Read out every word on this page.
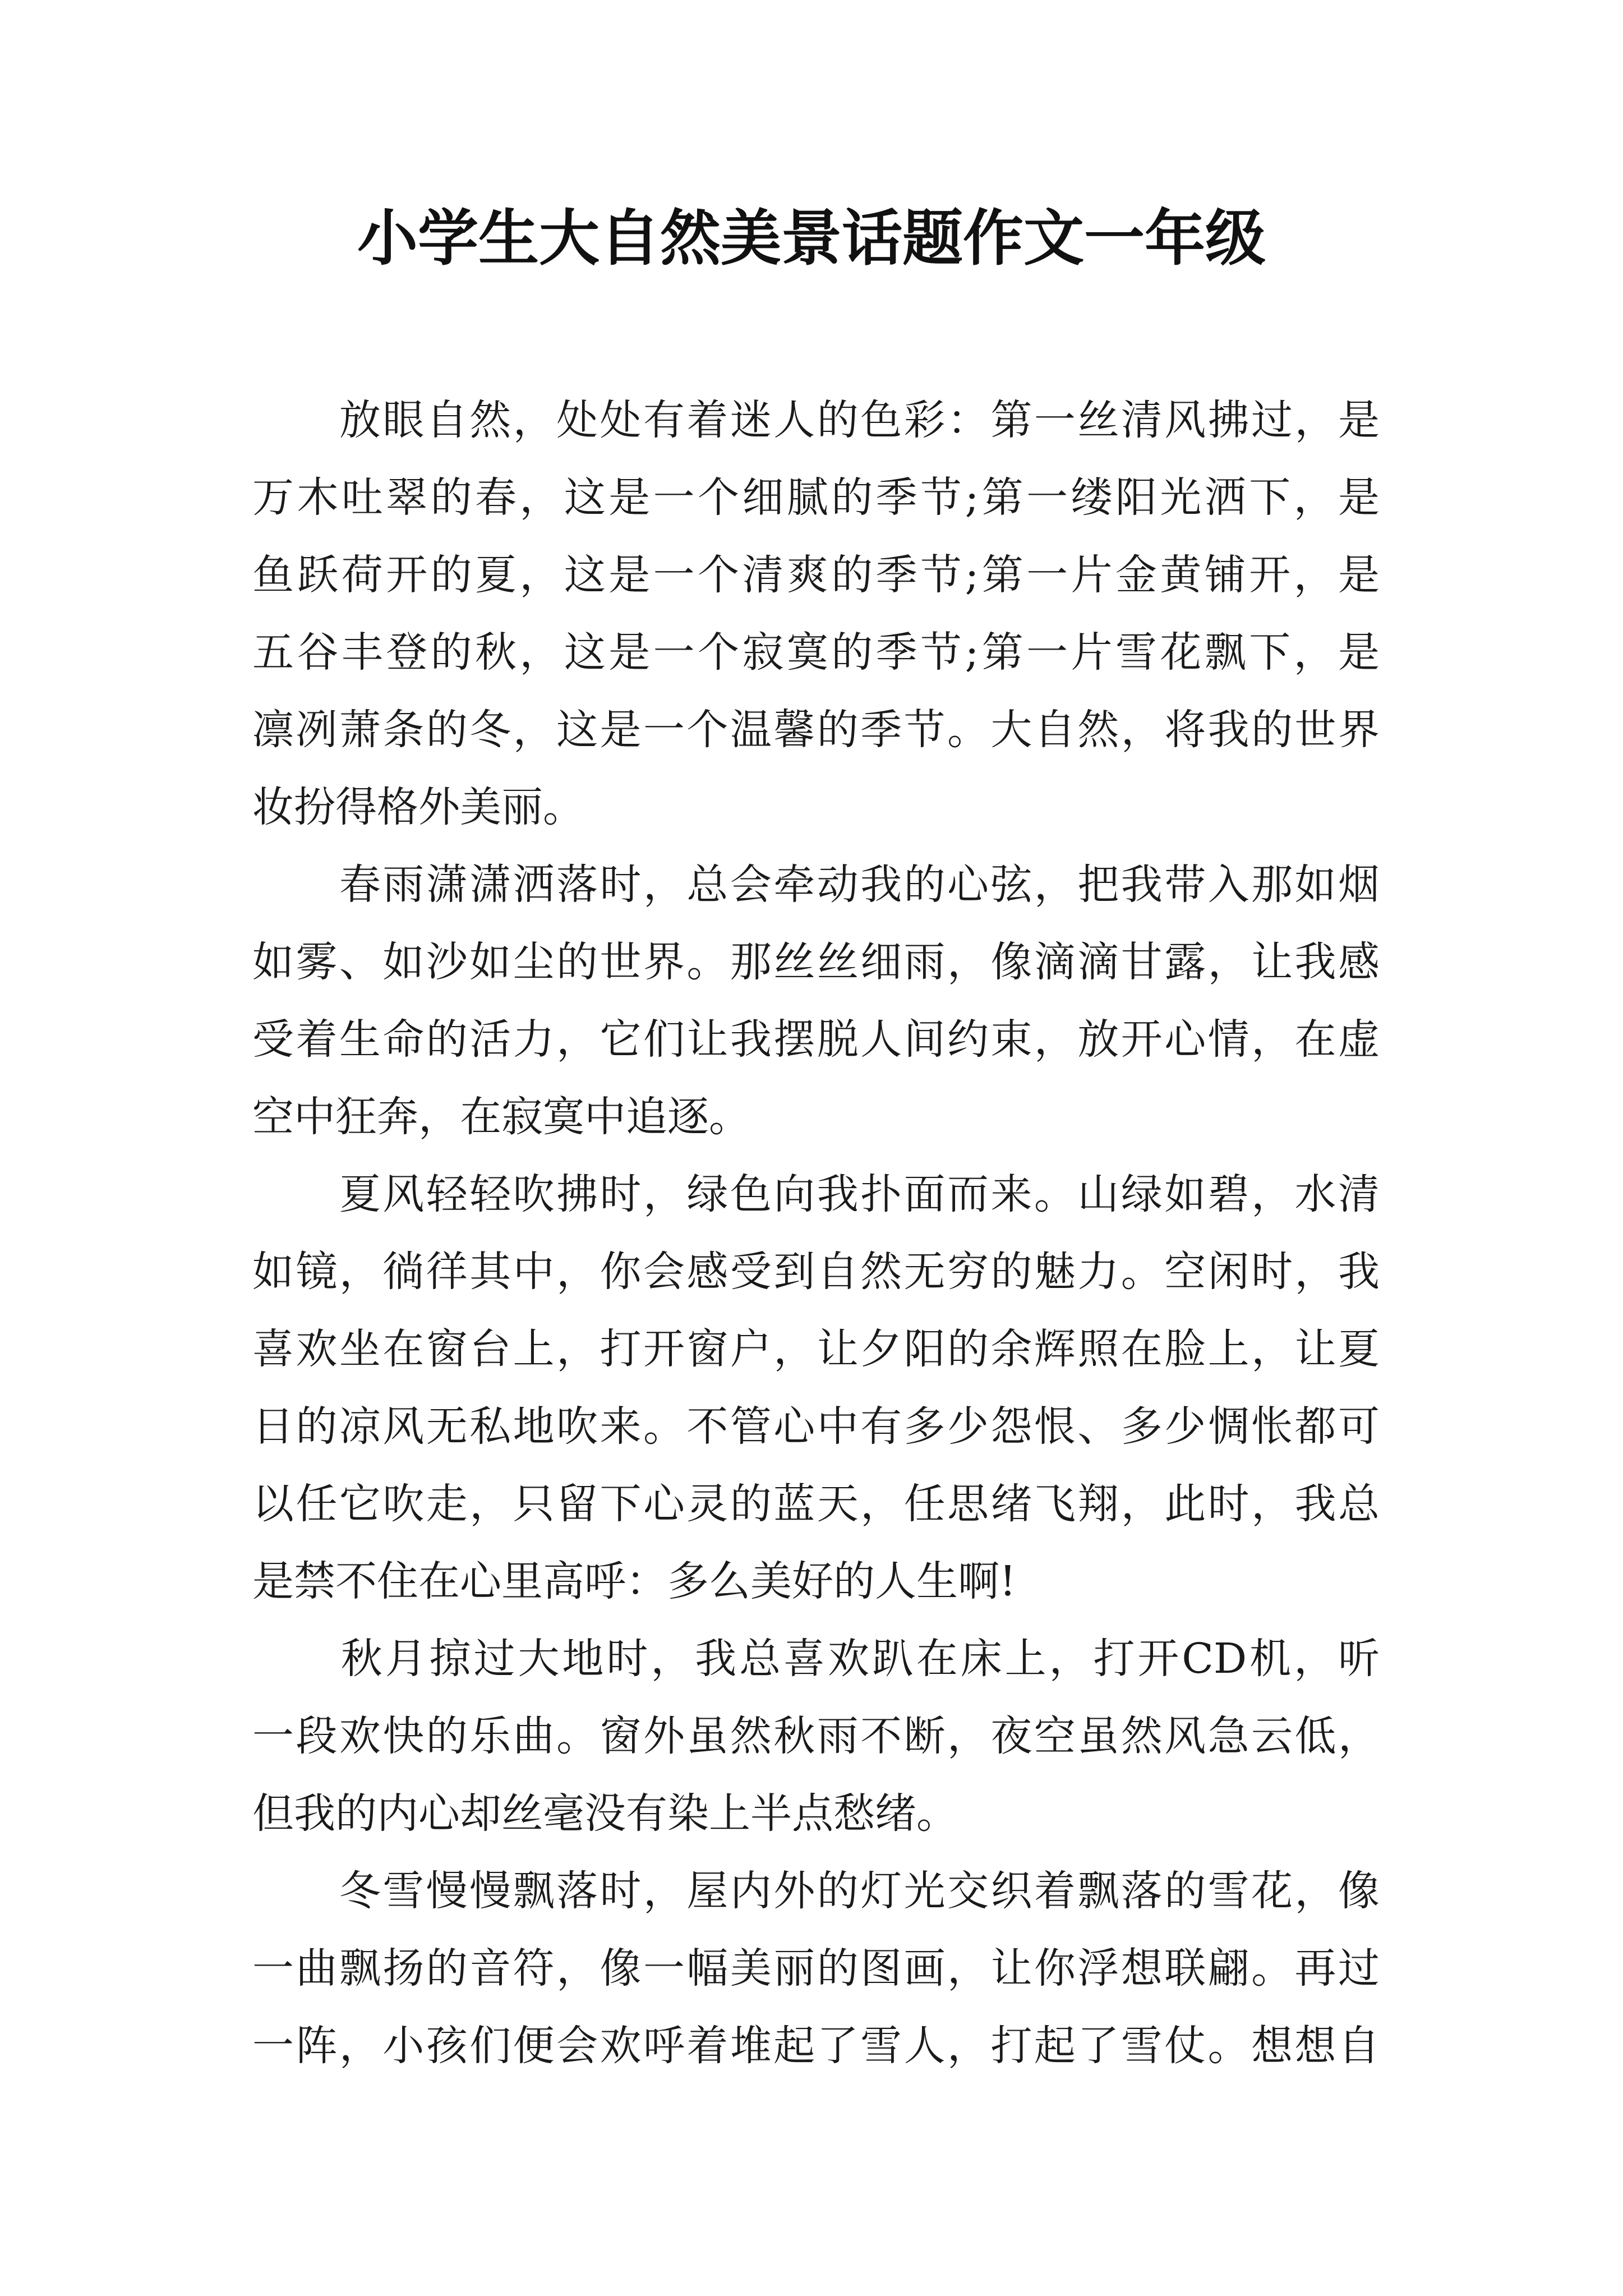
小学生大自然美景话题作文一年级
　　放眼自然，处处有着迷人的色彩：第一丝清风拂过，是
万木吐翠的春，这是一个细腻的季节;第一缕阳光洒下，是
鱼跃荷开的夏，这是一个清爽的季节;第一片金黄铺开，是
五谷丰登的秋，这是一个寂寞的季节;第一片雪花飘下，是
凛冽萧条的冬，这是一个温馨的季节。大自然，将我的世界
妆扮得格外美丽。
　　春雨潇潇洒落时，总会牵动我的心弦，把我带入那如烟
如雾、如沙如尘的世界。那丝丝细雨，像滴滴甘露，让我感
受着生命的活力，它们让我摆脱人间约束，放开心情，在虚
空中狂奔，在寂寞中追逐。
　　夏风轻轻吹拂时，绿色向我扑面而来。山绿如碧，水清
如镜，徜徉其中，你会感受到自然无穷的魅力。空闲时，我
喜欢坐在窗台上，打开窗户，让夕阳的余辉照在脸上，让夏
日的凉风无私地吹来。不管心中有多少怨恨、多少惆怅都可
以任它吹走，只留下心灵的蓝天，任思绪飞翔，此时，我总
是禁不住在心里高呼：多么美好的人生啊!
　　秋月掠过大地时，我总喜欢趴在床上，打开CD机，听
一段欢快的乐曲。窗外虽然秋雨不断，夜空虽然风急云低，
但我的内心却丝毫没有染上半点愁绪。
　　冬雪慢慢飘落时，屋内外的灯光交织着飘落的雪花，像
一曲飘扬的音符，像一幅美丽的图画，让你浮想联翩。再过
一阵，小孩们便会欢呼着堆起了雪人，打起了雪仗。想想自
